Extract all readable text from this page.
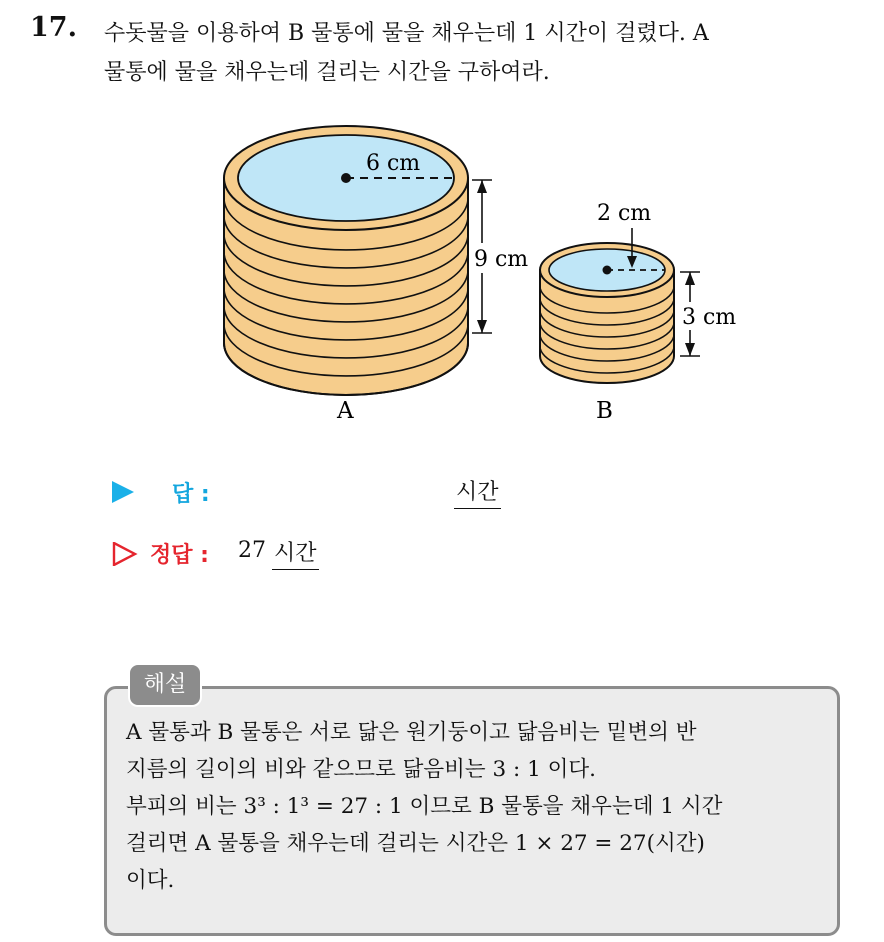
17. 수돗물을 이용하여 B 물통에 물을 채우는데 1 시간이 걸렸다. A
물통에 물을 채우는데 걸리는 시간을 구하여라.
6 cm
9 cm
A
2 cm
3 cm
B
답 :	시간
정답 : 27 시간
해설
A 물통과 B 물통은 서로 닮은 원기둥이고 닮음비는 밑변의 반
지름의 길이의 비와 같으므로 닮음비는 3 : 1 이다.
부피의 비는 3³ : 1³ = 27 : 1 이므로 B 물통을 채우는데 1 시간
걸리면 A 물통을 채우는데 걸리는 시간은 1 × 27 = 27(시간)
이다.
